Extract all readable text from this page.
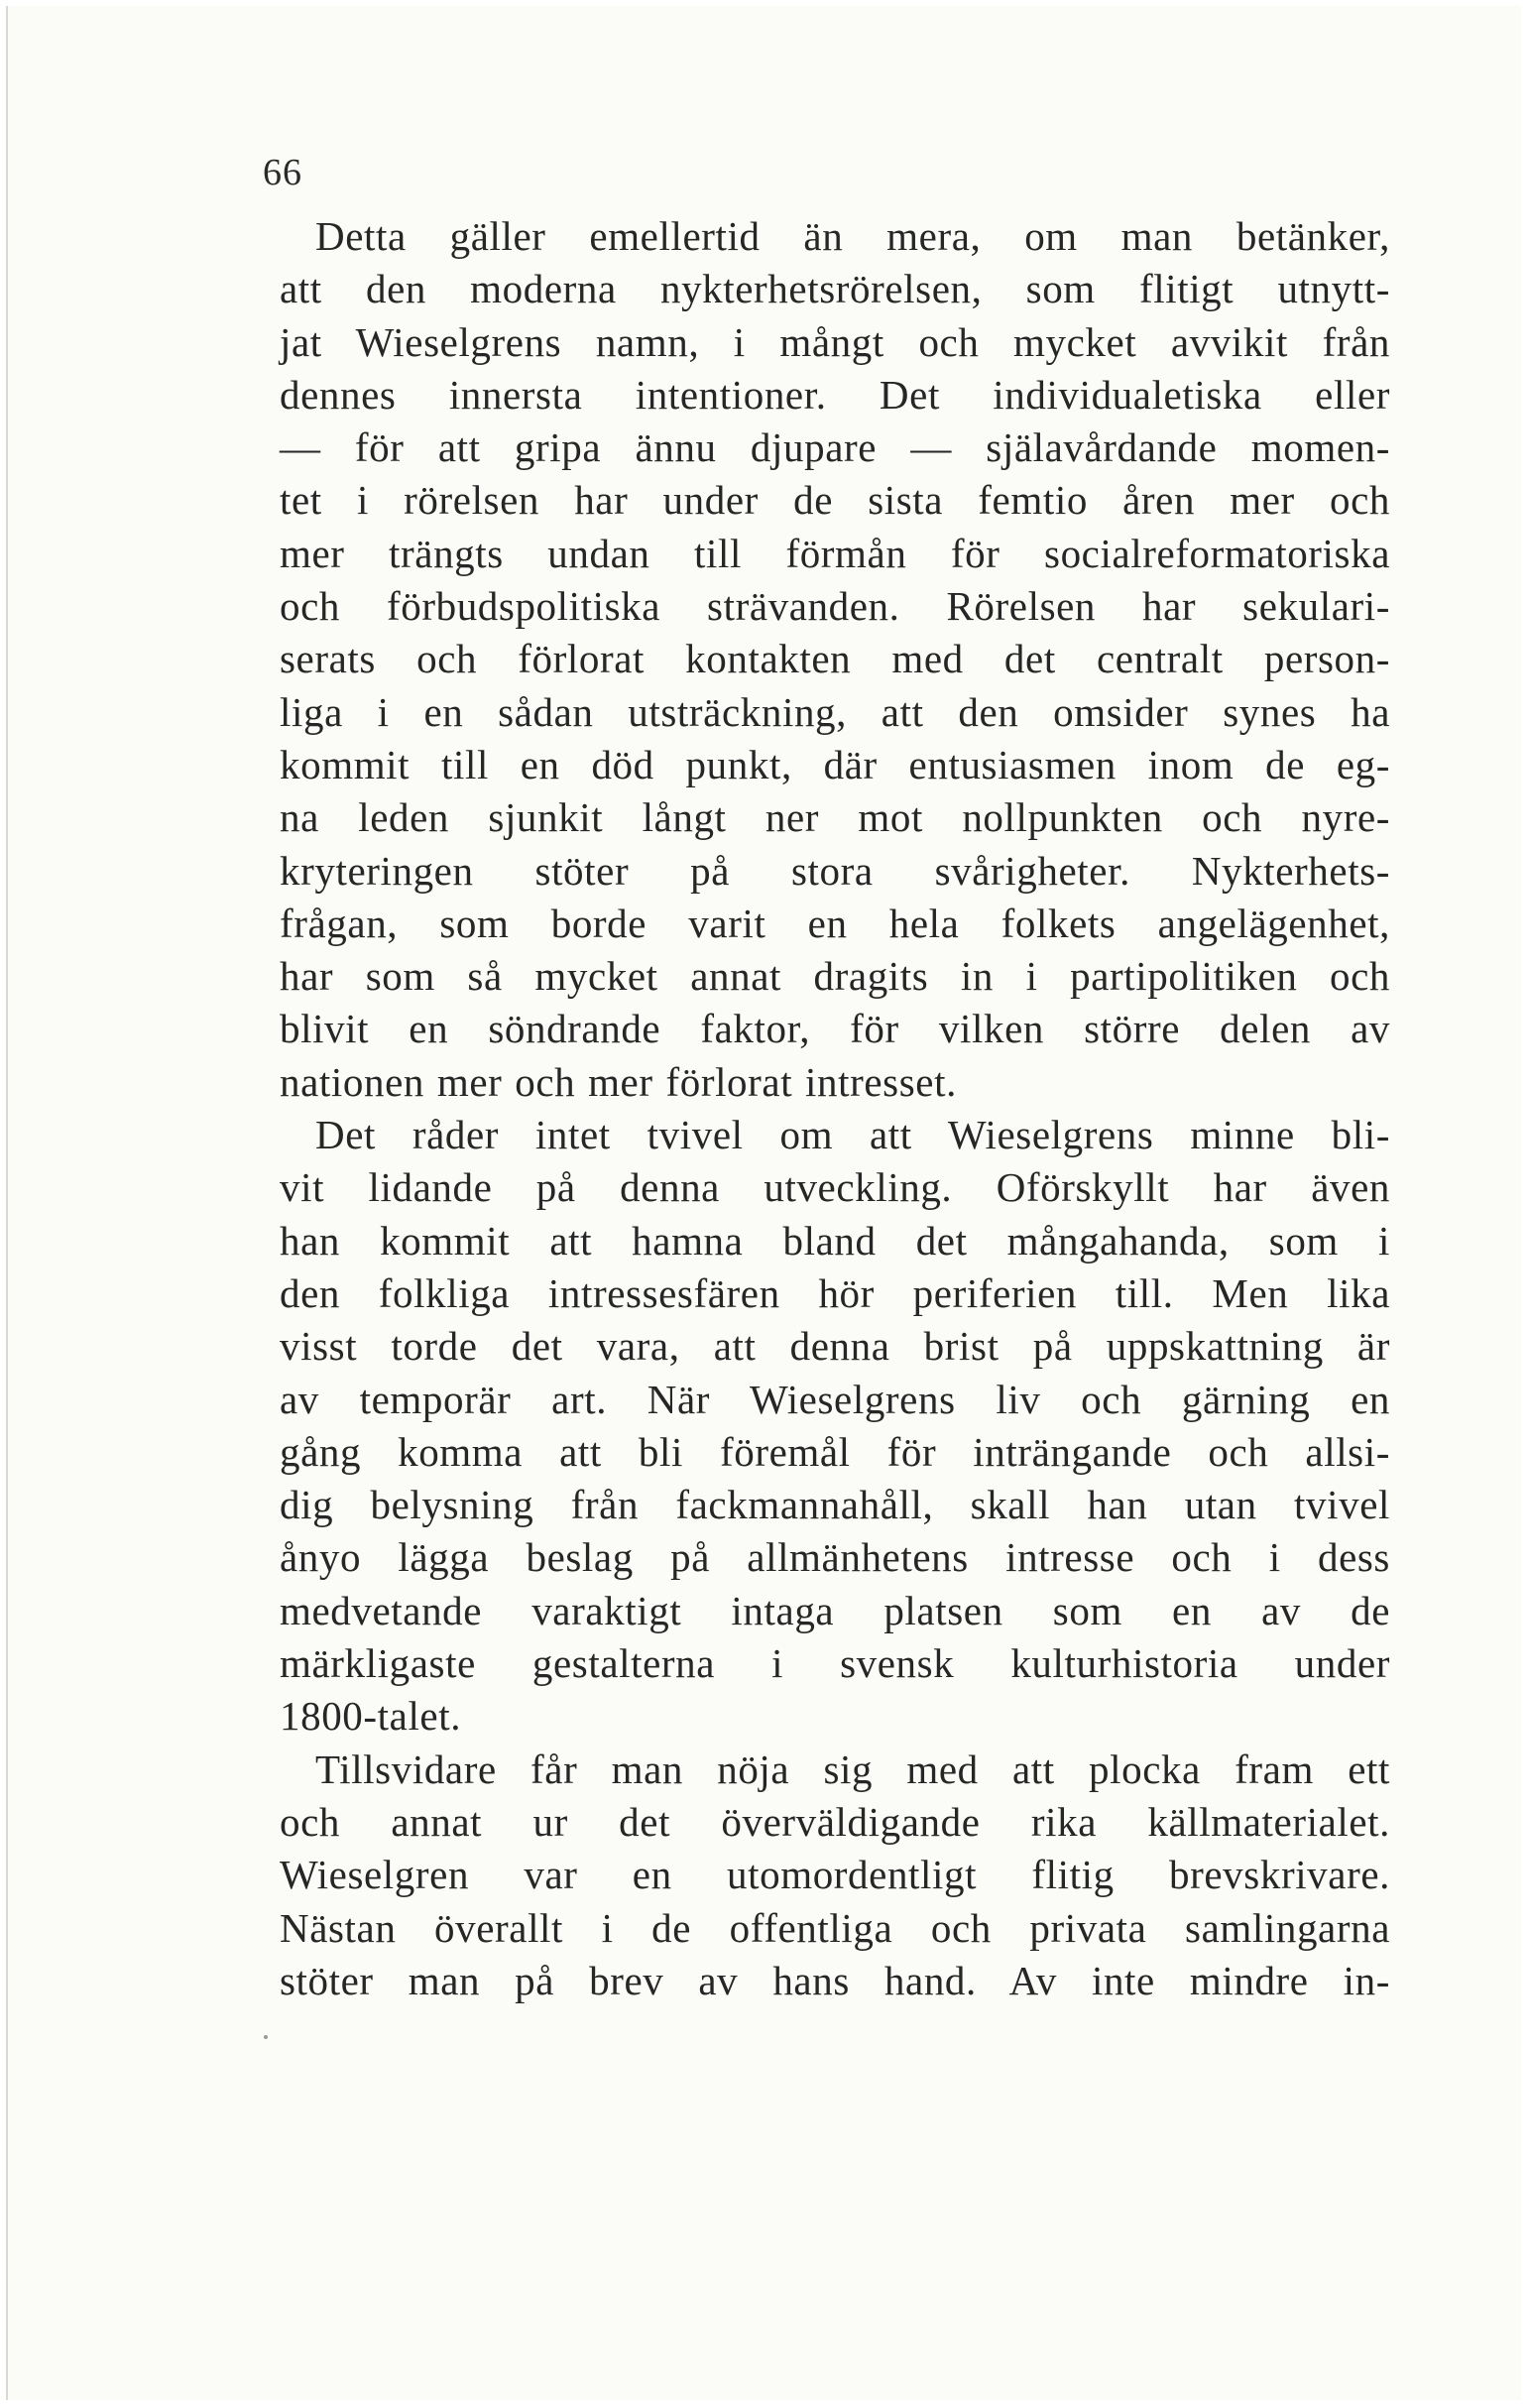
66
Detta gäller emellertid än mera, om man betänker,
att den moderna nykterhetsrörelsen, som flitigt utnytt-
jat Wieselgrens namn, i mångt och mycket avvikit från
dennes innersta intentioner. Det individualetiska eller
— för att gripa ännu djupare — själavårdande momen-
tet i rörelsen har under de sista femtio åren mer och
mer trängts undan till förmån för socialreformatoriska
och förbudspolitiska strävanden. Rörelsen har sekulari-
serats och förlorat kontakten med det centralt person-
liga i en sådan utsträckning, att den omsider synes ha
kommit till en död punkt, där entusiasmen inom de eg-
na leden sjunkit långt ner mot nollpunkten och nyre-
kryteringen stöter på stora svårigheter. Nykterhets-
frågan, som borde varit en hela folkets angelägenhet,
har som så mycket annat dragits in i partipolitiken och
blivit en söndrande faktor, för vilken större delen av
nationen mer och mer förlorat intresset.
Det råder intet tvivel om att Wieselgrens minne bli-
vit lidande på denna utveckling. Oförskyllt har även
han kommit att hamna bland det mångahanda, som i
den folkliga intressesfären hör periferien till. Men lika
visst torde det vara, att denna brist på uppskattning är
av temporär art. När Wieselgrens liv och gärning en
gång komma att bli föremål för inträngande och allsi-
dig belysning från fackmannahåll, skall han utan tvivel
ånyo lägga beslag på allmänhetens intresse och i dess
medvetande varaktigt intaga platsen som en av de
märkligaste gestalterna i svensk kulturhistoria under
1800-talet.
Tillsvidare får man nöja sig med att plocka fram ett
och annat ur det överväldigande rika källmaterialet.
Wieselgren var en utomordentligt flitig brevskrivare.
Nästan överallt i de offentliga och privata samlingarna
stöter man på brev av hans hand. Av inte mindre in-
